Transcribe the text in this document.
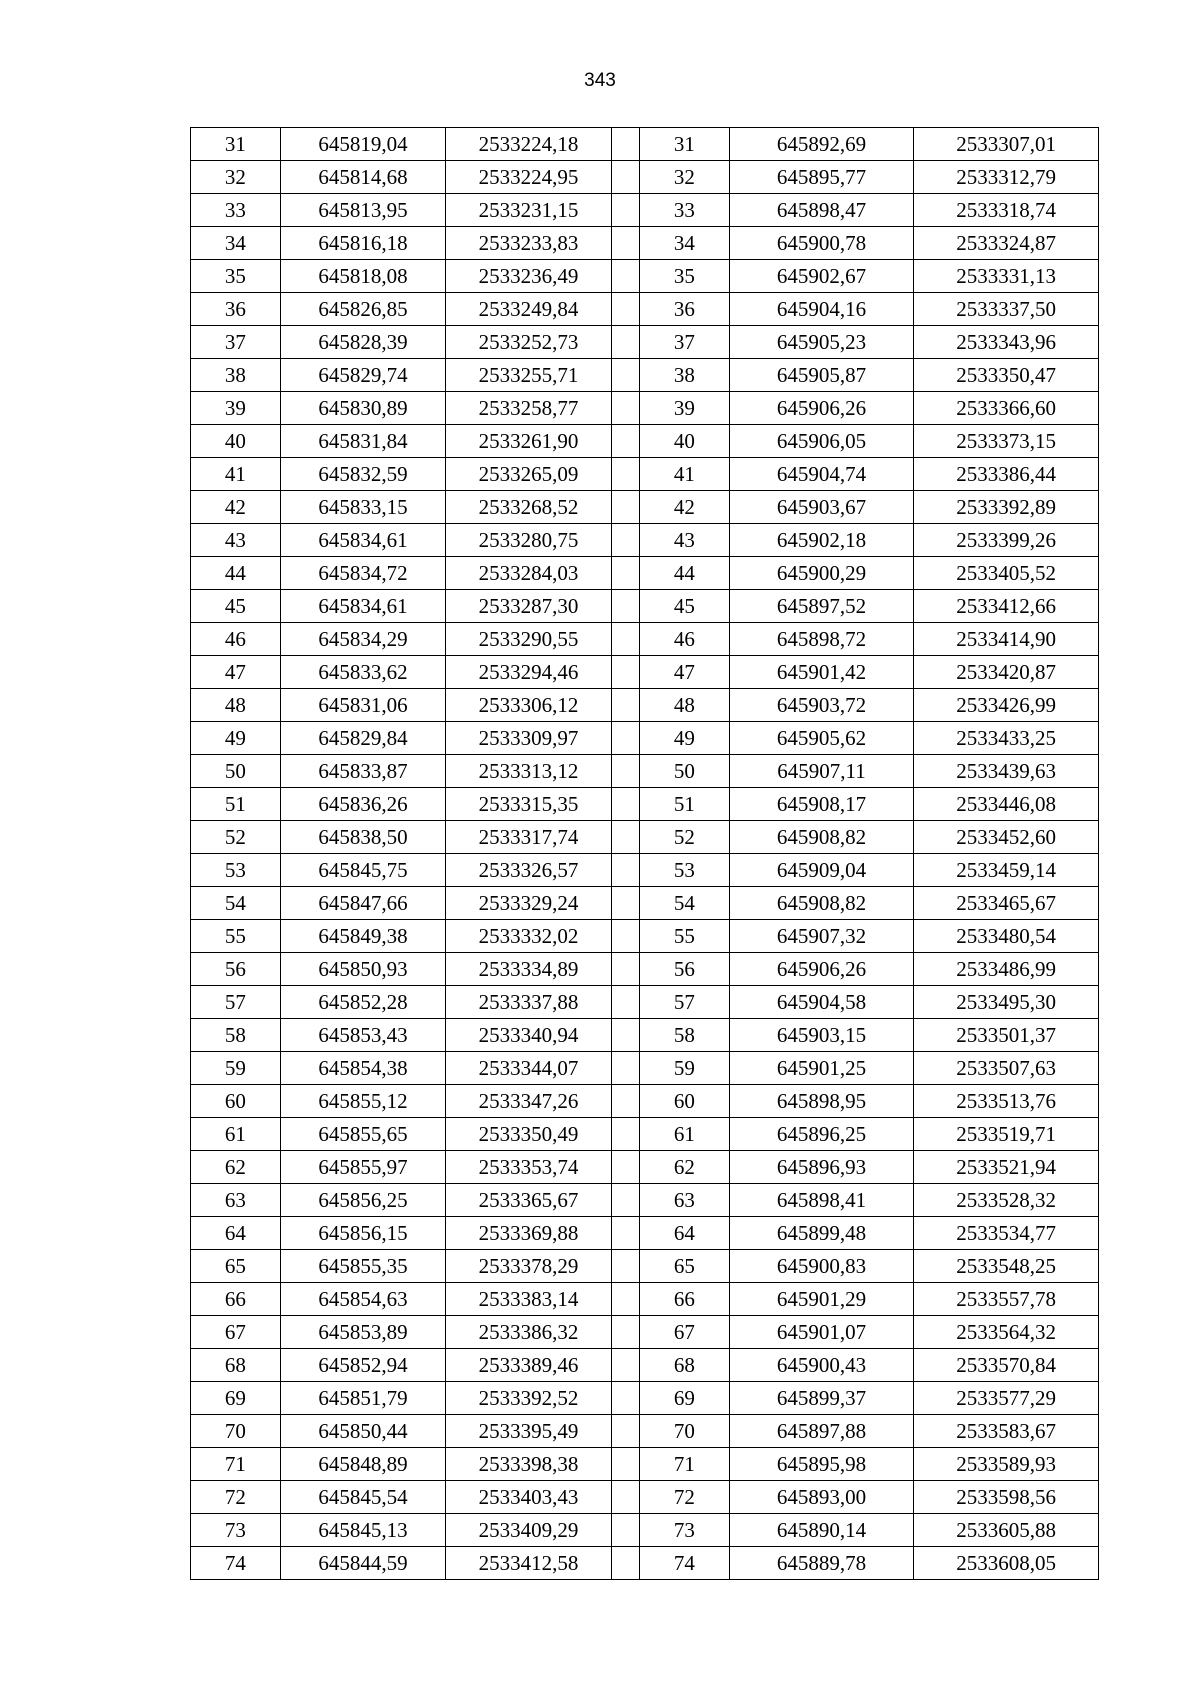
343
31	645819,04	2533224,18		31	645892,69	2533307,01
32	645814,68	2533224,95		32	645895,77	2533312,79
33	645813,95	2533231,15		33	645898,47	2533318,74
34	645816,18	2533233,83		34	645900,78	2533324,87
35	645818,08	2533236,49		35	645902,67	2533331,13
36	645826,85	2533249,84		36	645904,16	2533337,50
37	645828,39	2533252,73		37	645905,23	2533343,96
38	645829,74	2533255,71		38	645905,87	2533350,47
39	645830,89	2533258,77		39	645906,26	2533366,60
40	645831,84	2533261,90		40	645906,05	2533373,15
41	645832,59	2533265,09		41	645904,74	2533386,44
42	645833,15	2533268,52		42	645903,67	2533392,89
43	645834,61	2533280,75		43	645902,18	2533399,26
44	645834,72	2533284,03		44	645900,29	2533405,52
45	645834,61	2533287,30		45	645897,52	2533412,66
46	645834,29	2533290,55		46	645898,72	2533414,90
47	645833,62	2533294,46		47	645901,42	2533420,87
48	645831,06	2533306,12		48	645903,72	2533426,99
49	645829,84	2533309,97		49	645905,62	2533433,25
50	645833,87	2533313,12		50	645907,11	2533439,63
51	645836,26	2533315,35		51	645908,17	2533446,08
52	645838,50	2533317,74		52	645908,82	2533452,60
53	645845,75	2533326,57		53	645909,04	2533459,14
54	645847,66	2533329,24		54	645908,82	2533465,67
55	645849,38	2533332,02		55	645907,32	2533480,54
56	645850,93	2533334,89		56	645906,26	2533486,99
57	645852,28	2533337,88		57	645904,58	2533495,30
58	645853,43	2533340,94		58	645903,15	2533501,37
59	645854,38	2533344,07		59	645901,25	2533507,63
60	645855,12	2533347,26		60	645898,95	2533513,76
61	645855,65	2533350,49		61	645896,25	2533519,71
62	645855,97	2533353,74		62	645896,93	2533521,94
63	645856,25	2533365,67		63	645898,41	2533528,32
64	645856,15	2533369,88		64	645899,48	2533534,77
65	645855,35	2533378,29		65	645900,83	2533548,25
66	645854,63	2533383,14		66	645901,29	2533557,78
67	645853,89	2533386,32		67	645901,07	2533564,32
68	645852,94	2533389,46		68	645900,43	2533570,84
69	645851,79	2533392,52		69	645899,37	2533577,29
70	645850,44	2533395,49		70	645897,88	2533583,67
71	645848,89	2533398,38		71	645895,98	2533589,93
72	645845,54	2533403,43		72	645893,00	2533598,56
73	645845,13	2533409,29		73	645890,14	2533605,88
74	645844,59	2533412,58		74	645889,78	2533608,05
